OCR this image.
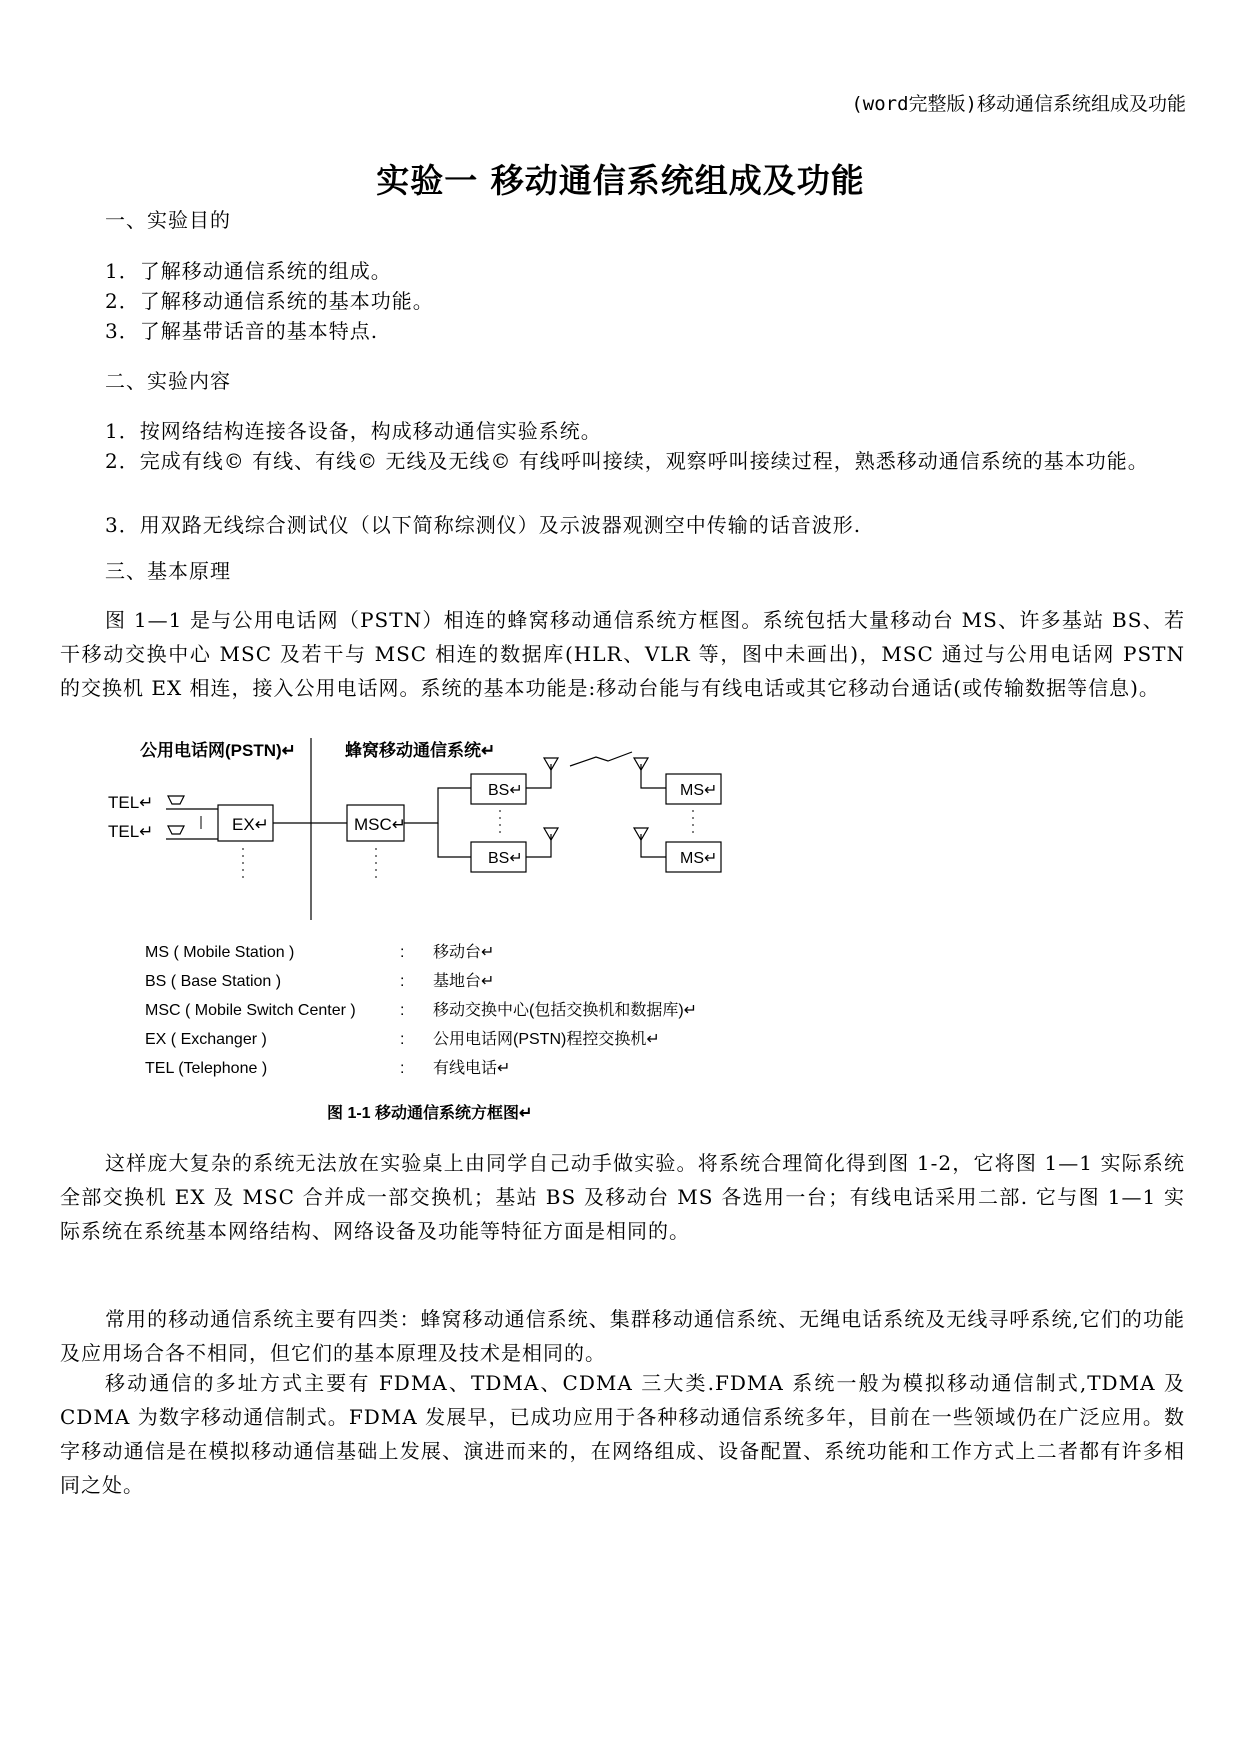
(word完整版)移动通信系统组成及功能
实验一 移动通信系统组成及功能
一、实验目的
1．了解移动通信系统的组成。
2．了解移动通信系统的基本功能。
3．了解基带话音的基本特点.
二、实验内容
1．按网络结构连接各设备，构成移动通信实验系统。
2．完成有线© 有线、有线© 无线及无线© 有线呼叫接续，观察呼叫接续过程，熟悉移动通信系统的基本功能。
3．用双路无线综合测试仪（以下简称综测仪）及示波器观测空中传输的话音波形.
三、基本原理
图 1—1 是与公用电话网（PSTN）相连的蜂窝移动通信系统方框图。系统包括大量移动台 MS、许多基站 BS、若干移动交换中心 MSC 及若干与 MSC 相连的数据库(HLR、VLR 等，图中未画出)，MSC 通过与公用电话网 PSTN 的交换机 EX 相连，接入公用电话网。系统的基本功能是:移动台能与有线电话或其它移动台通话(或传输数据等信息)。
公用电话网(PSTN)↵	蜂窝移动通信系统↵
TEL↵
TEL↵	EX↵	MSC↵
BS↵
BS↵
MS↵
MS↵
MS ( Mobile Station )	: 移动台↵
BS ( Base Station )	: 基地台↵
MSC ( Mobile Switch Center )	: 移动交换中心(包括交换机和数据库)↵
EX ( Exchanger )	: 公用电话网(PSTN)程控交换机↵
TEL (Telephone )	: 有线电话↵
图 1-1 移动通信系统方框图↵
这样庞大复杂的系统无法放在实验桌上由同学自己动手做实验。将系统合理简化得到图 1-2，它将图 1—1 实际系统全部交换机 EX 及 MSC 合并成一部交换机；基站 BS 及移动台 MS 各选用一台；有线电话采用二部. 它与图 1—1 实际系统在系统基本网络结构、网络设备及功能等特征方面是相同的。
常用的移动通信系统主要有四类：蜂窝移动通信系统、集群移动通信系统、无绳电话系统及无线寻呼系统,它们的功能及应用场合各不相同，但它们的基本原理及技术是相同的。
移动通信的多址方式主要有 FDMA、TDMA、CDMA 三大类.FDMA 系统一般为模拟移动通信制式,TDMA 及 CDMA 为数字移动通信制式。FDMA 发展早，已成功应用于各种移动通信系统多年，目前在一些领域仍在广泛应用。数字移动通信是在模拟移动通信基础上发展、演进而来的，在网络组成、设备配置、系统功能和工作方式上二者都有许多相同之处。
